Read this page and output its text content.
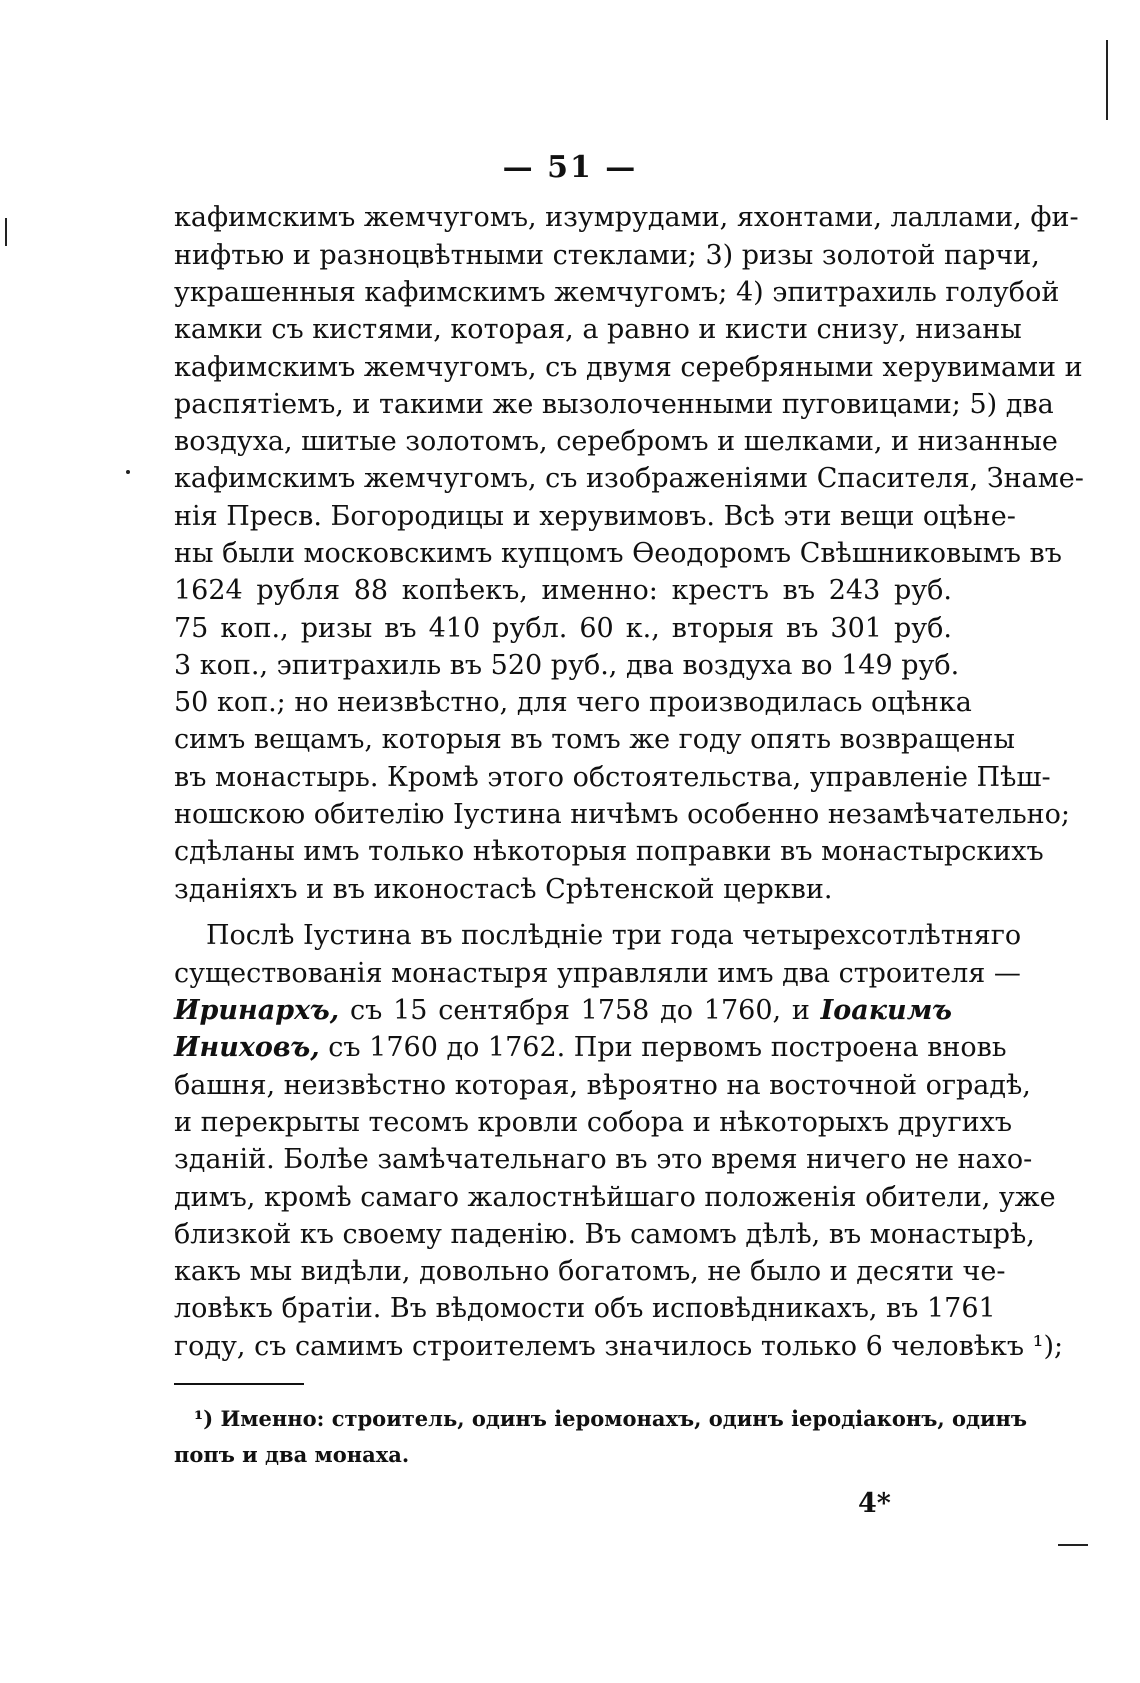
— 51 —
кафимскимъ жемчугомъ, изумрудами, яхонтами, лаллами, фи-
нифтью и разноцвѣтными стеклами; 3) ризы золотой парчи,
украшенныя кафимскимъ жемчугомъ; 4) эпитрахиль голубой
камки съ кистями, которая, а равно и кисти снизу, низаны
кафимскимъ жемчугомъ, съ двумя серебряными херувимами и
распятіемъ, и такими же вызолоченными пуговицами; 5) два
воздуха, шитые золотомъ, серебромъ и шелками, и низанные
кафимскимъ жемчугомъ, съ изображеніями Спасителя, Знаме-
нія Пресв. Богородицы и херувимовъ. Всѣ эти вещи оцѣне-
ны были московскимъ купцомъ Ѳеодоромъ Свѣшниковымъ въ
1624 рубля 88 копѣекъ, именно: крестъ въ 243 руб.
75 коп., ризы въ 410 рубл. 60 к., вторыя въ 301 руб.
3 коп., эпитрахиль въ 520 руб., два воздуха во 149 руб.
50 коп.; но неизвѣстно, для чего производилась оцѣнка
симъ вещамъ, которыя въ томъ же году опять возвращены
въ монастырь. Кромѣ этого обстоятельства, управленіе Пѣш-
ношскою обителію Іустина ничѣмъ особенно незамѣчательно;
сдѣланы имъ только нѣкоторыя поправки въ монастырскихъ
зданіяхъ и въ иконостасѣ Срѣтенской церкви.
Послѣ Іустина въ послѣдніе три года четырехсотлѣтняго
существованія монастыря управляли имъ два строителя —
Иринархъ, съ 15 сентября 1758 до 1760, и Іоакимъ
Иниховъ, съ 1760 до 1762. При первомъ построена вновь
башня, неизвѣстно которая, вѣроятно на восточной оградѣ,
и перекрыты тесомъ кровли собора и нѣкоторыхъ другихъ
зданій. Болѣе замѣчательнаго въ это время ничего не нахо-
димъ, кромѣ самаго жалостнѣйшаго положенія обители, уже
близкой къ своему паденію. Въ самомъ дѣлѣ, въ монастырѣ,
какъ мы видѣли, довольно богатомъ, не было и десяти че-
ловѣкъ братіи. Въ вѣдомости объ исповѣдникахъ, въ 1761
году, съ самимъ строителемъ значилось только 6 человѣкъ ¹);
¹) Именно: строитель, одинъ іеромонахъ, одинъ іеродіаконъ, одинъ
попъ и два монаха.
4*
